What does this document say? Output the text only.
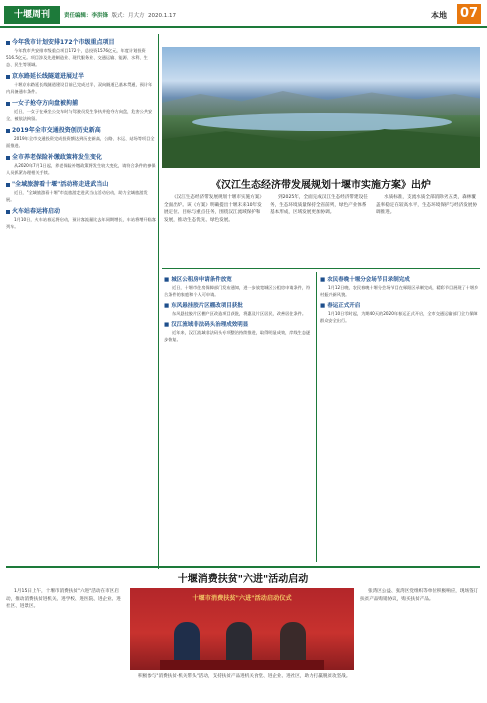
十堰周刊	责任编辑：李洪锋 版式：月大方 2020.1.17	本地 07
今年我市计划安排172个市级重点项目

今年我市共安排市级重点项目172个，总投资1576亿元，年度计划投资516.5亿元。项目涉及先进制造业、现代服务业、交通运输、能源、水利、生态、民生等领域。

京东路延长线隧道进展过半

十堰京东路延长线隧道建设目前已完成过半，双向隧道已基本贯通，预计年内具备通车条件。

一女子抢夺方向盘被拘捕

近日，一女子在乘坐公交车时与驾驶员发生争执并抢夺方向盘，危害公共安全，被依法拘留。

2019年全市交通投资创历史新高

2019年全市交通投资完成投资额达到历史新高，公路、水运、站场等项目全面推进。

全市养老保险补缴政策将发生变化

从2020年7月1日起，养老保险补缴政策将发生较大变化，请符合条件的参保人员抓紧办理相关手续。

"全域旅游看十堰"活动将走进武当山

近日，"全域旅游看十堰"市直旅游走进武当山活动启动，助力全域旅游发展。

火车站春运将启动

1月10日，火车站春运将启动，预计客流量比去年同期增长，车站将增开临客列车。

《汉江生态经济带发展规划十堰市实施方案》出炉

《汉江生态经济带发展规划十堰市实施方案》全面出炉。该《方案》明确提出十堰未来10年发展定位、目标与重点任务，围绕汉江流域保护和发展，推动生态优先、绿色发展。

到2025年，全面完成汉江生态经济带建设任务，生态环境质量保持全省前列，绿色产业体系基本形成，区域发展更加协调。

水质标准，支流水质全部消除劣五类，森林覆盖率稳定在较高水平，生态环境保护与经济发展协调推进。

■ 城区公租房申请条件放宽

近日，十堰市住房保障部门发布通知，进一步放宽城区公租房申请条件，符合条件的家庭和个人可申请。

■ 东风悬挂胶片区棚改项目获批

东风悬挂胶片区棚户区改造项目获批，将惠及片区居民，改善居住条件。

■ 汉江流域非法码头治理成效明显

近年来，汉江流域非法码头专项整治持续推进，取得明显成效，岸线生态逐步恢复。

■ 农民春晚十堰分会场节目录制完成

1月12日晚，农民春晚十堰分会场节目在郧阳区录制完成，精彩节目展现了十堰乡村振兴新风貌。

■ 春运正式开启

1月10日零时起，为期40天的2020年春运正式开启，全市交通运输部门全力保障群众安全出行。

十堰消费扶贫"六进"活动启动

1月15日上午，十堰市消费扶贫"六进"活动在市区启动，推动消费扶贫进机关、进学校、进医院、进企业、进社区、进景区。

十堰市消费扶贫"六进"活动启动仪式

积极参与"消费扶贫·机关带头"活动，支持扶贫产品进机关食堂、进企业、进社区，助力打赢脱贫攻坚战。

张湾区公益、张湾区党组织等单位积极响应，现场签订扶贫产品购销协议，购买扶贫产品。
